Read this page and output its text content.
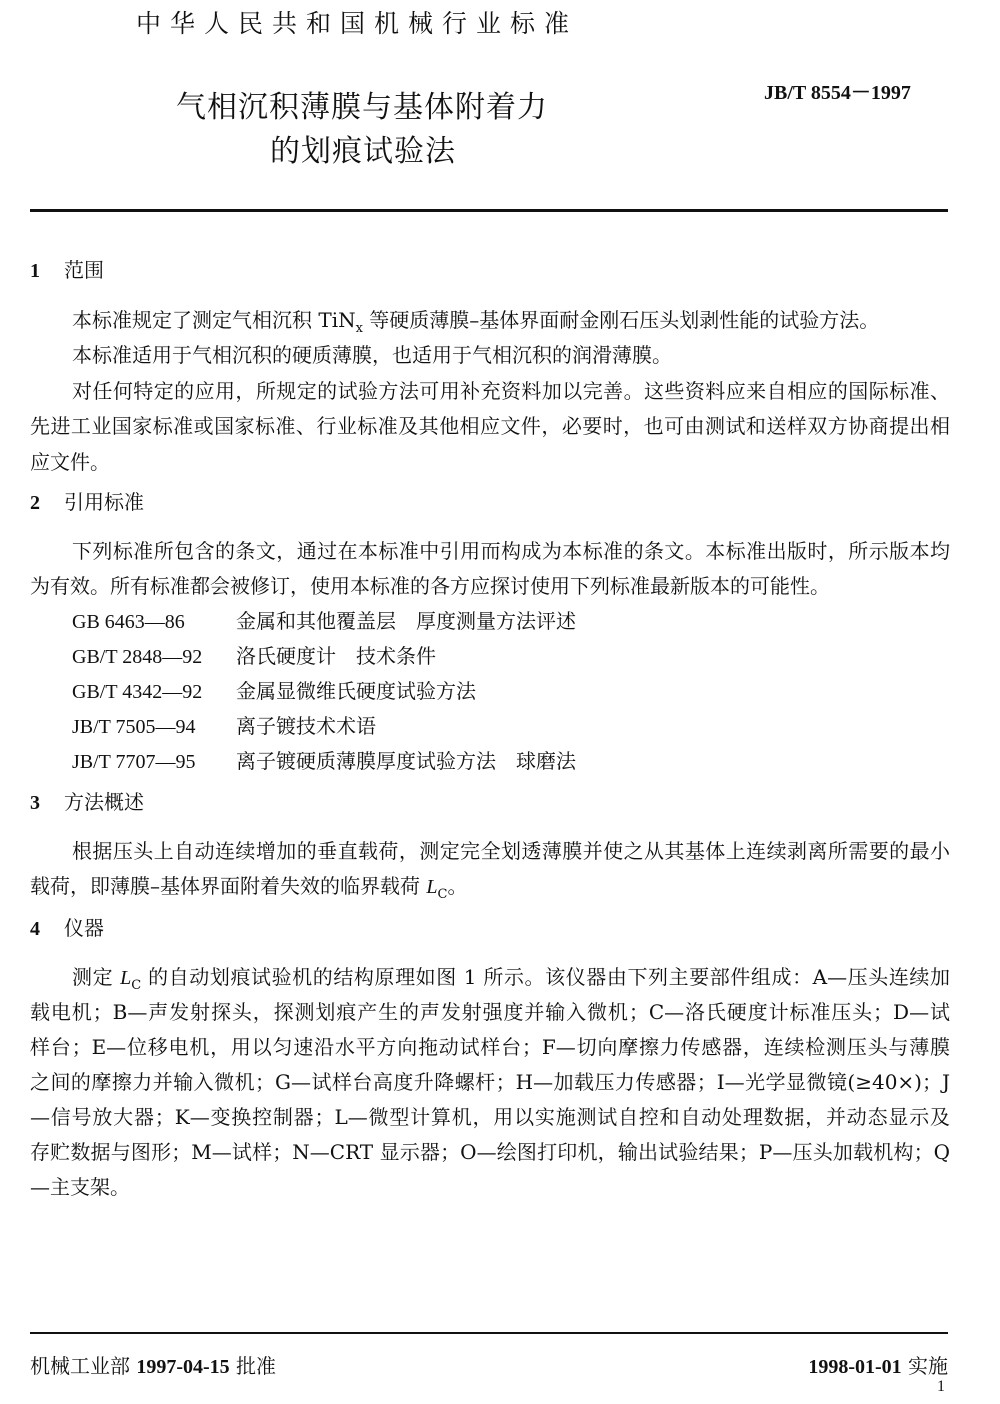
中华人民共和国机械行业标准
气相沉积薄膜与基体附着力
的划痕试验法
JB/T 8554－1997
1 范围
本标准规定了测定气相沉积 TiN$_x$ 等硬质薄膜–基体界面耐金刚石压头划剥性能的试验方法。
本标准适用于气相沉积的硬质薄膜，也适用于气相沉积的润滑薄膜。
对任何特定的应用，所规定的试验方法可用补充资料加以完善。这些资料应来自相应的国际标准、
先进工业国家标准或国家标准、行业标准及其他相应文件，必要时，也可由测试和送样双方协商提出相
应文件。
2 引用标准
下列标准所包含的条文，通过在本标准中引用而构成为本标准的条文。本标准出版时，所示版本均
为有效。所有标准都会被修订，使用本标准的各方应探讨使用下列标准最新版本的可能性。
GB 6463—86	金属和其他覆盖层　厚度测量方法评述
GB/T 2848—92 洛氏硬度计　技术条件
GB/T 4342—92 金属显微维氏硬度试验方法
JB/T 7505—94 离子镀技术术语
JB/T 7707—95 离子镀硬质薄膜厚度试验方法　球磨法
3 方法概述
根据压头上自动连续增加的垂直载荷，测定完全划透薄膜并使之从其基体上连续剥离所需要的最小
载荷，即薄膜–基体界面附着失效的临界载荷 $L_C$。
4 仪器
测定 $L_C$ 的自动划痕试验机的结构原理如图 1 所示。该仪器由下列主要部件组成：A—压头连续加
载电机；B—声发射探头，探测划痕产生的声发射强度并输入微机；C—洛氏硬度计标准压头；D—试
样台；E—位移电机，用以匀速沿水平方向拖动试样台；F—切向摩擦力传感器，连续检测压头与薄膜
之间的摩擦力并输入微机；G—试样台高度升降螺杆；H—加载压力传感器；I—光学显微镜(≥40×)；J
—信号放大器；K—变换控制器；L—微型计算机，用以实施测试自控和自动处理数据，并动态显示及
存贮数据与图形；M—试样；N—CRT 显示器；O—绘图打印机，输出试验结果；P—压头加载机构；Q
—主支架。
机械工业部 1997-04-15 批准	1998-01-01 实施
1
